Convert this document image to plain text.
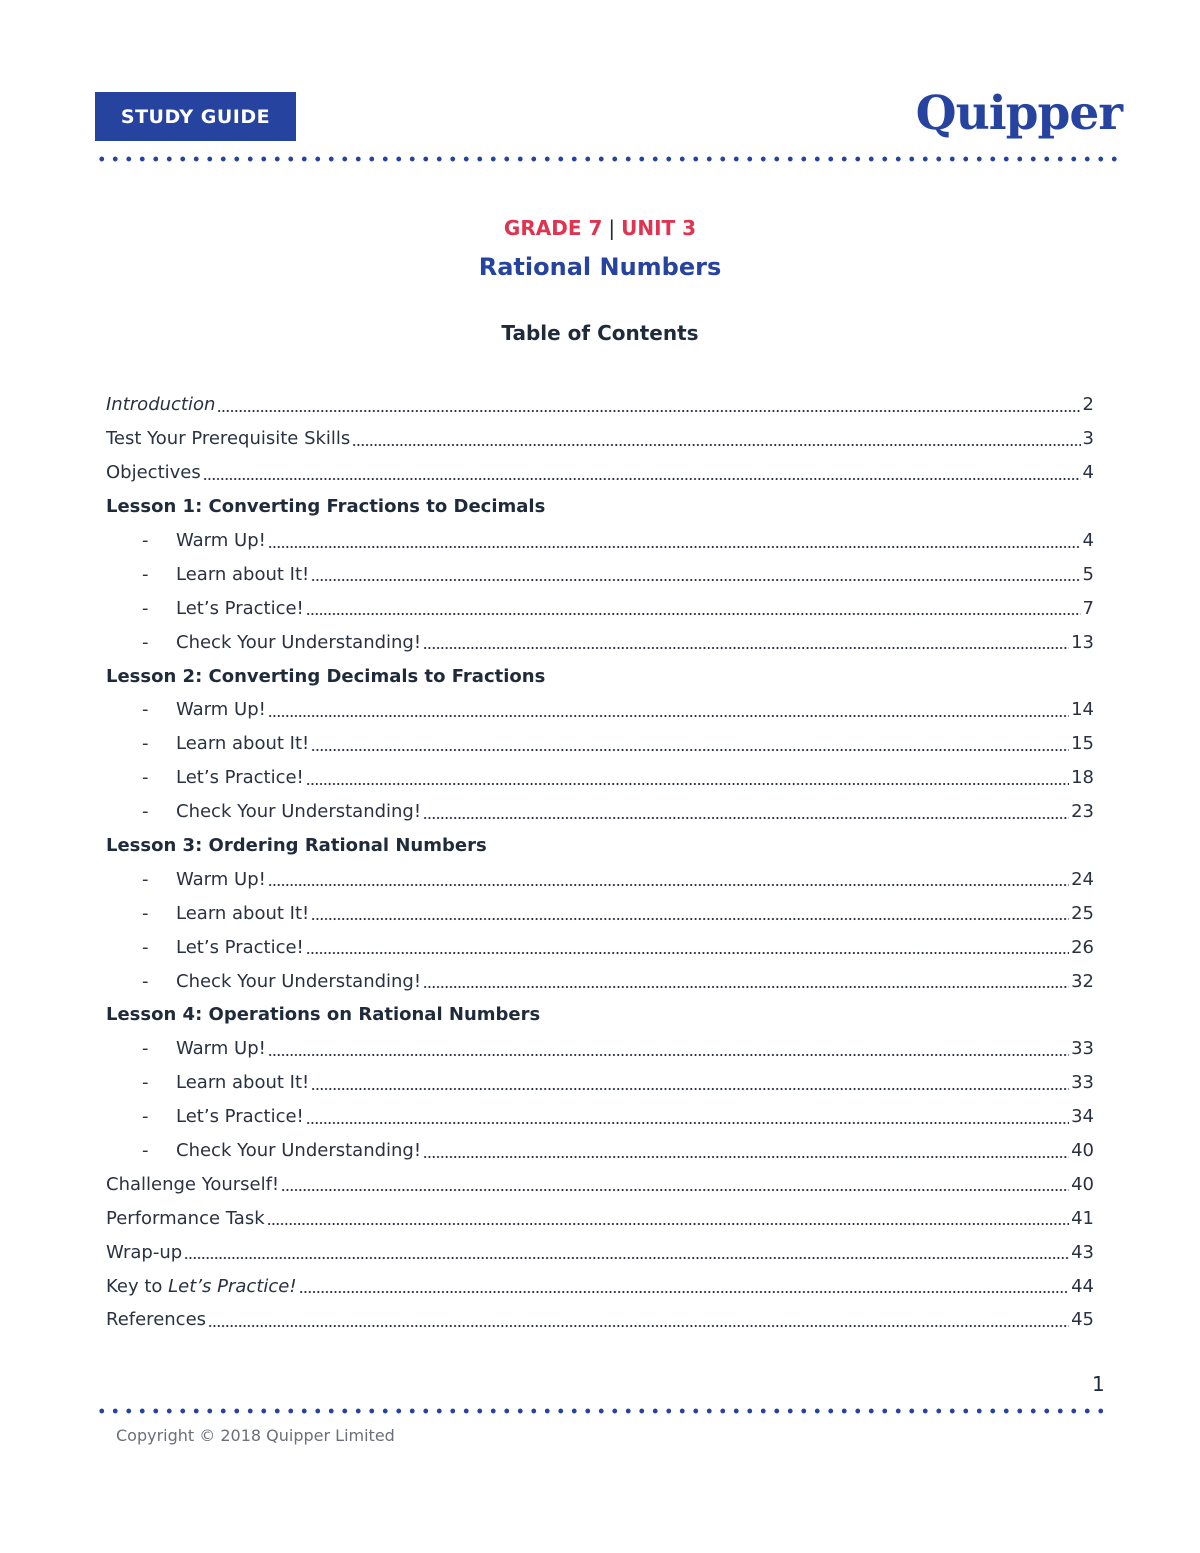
STUDY GUIDE	Quipper
GRADE 7 | UNIT 3
Rational Numbers
Table of Contents
Introduction	2
Test Your Prerequisite Skills	3
Objectives	4
Lesson 1: Converting Fractions to Decimals
-	Warm Up!	4
-	Learn about It!	5
-	Let’s Practice!	7
-	Check Your Understanding!	13
Lesson 2: Converting Decimals to Fractions
-	Warm Up!	14
-	Learn about It!	15
-	Let’s Practice!	18
-	Check Your Understanding!	23
Lesson 3: Ordering Rational Numbers
-	Warm Up!	24
-	Learn about It!	25
-	Let’s Practice!	26
-	Check Your Understanding!	32
Lesson 4: Operations on Rational Numbers
-	Warm Up!	33
-	Learn about It!	33
-	Let’s Practice!	34
-	Check Your Understanding!	40
Challenge Yourself!	40
Performance Task	41
Wrap-up	43
Key to Let’s Practice!	44
References	45
1
Copyright © 2018 Quipper Limited
